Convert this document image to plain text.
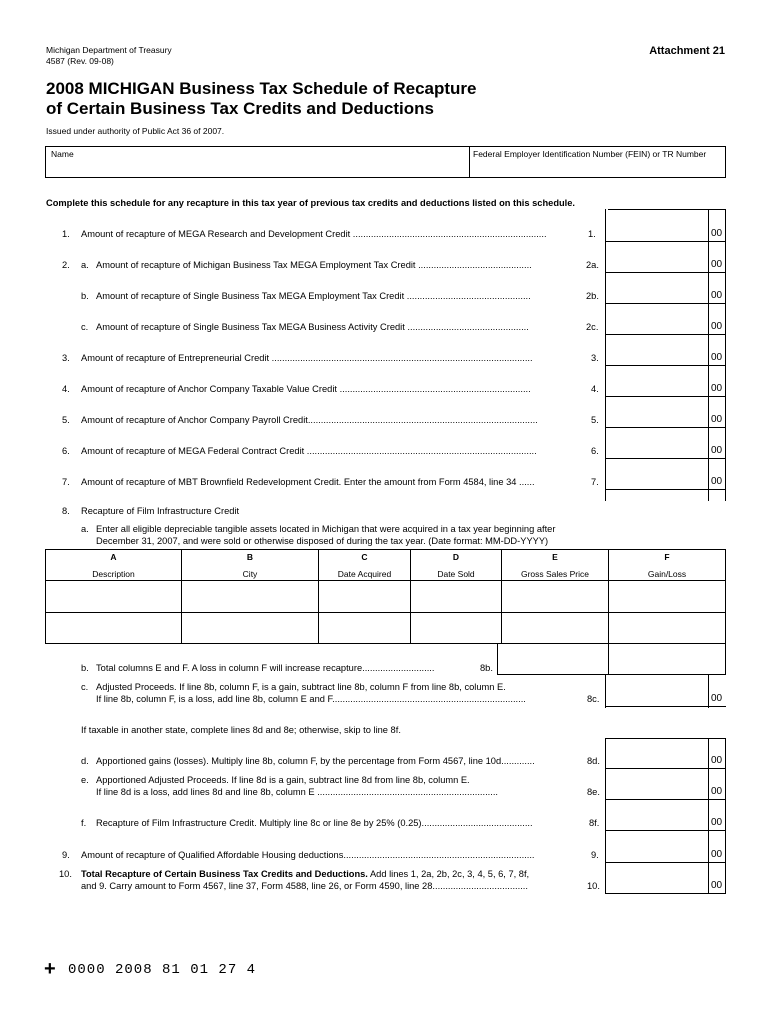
Michigan Department of Treasury
4587 (Rev. 09-08)
Attachment 21
2008 MICHIGAN Business Tax Schedule of Recapture
of Certain Business Tax Credits and Deductions
Issued under authority of Public Act 36 of 2007.
Name	Federal Employer Identification Number (FEIN) or TR Number
Complete this schedule for any recapture in this tax year of previous tax credits and deductions listed on this schedule.
1. Amount of recapture of MEGA Research and Development Credit ...........................................................................	1.	00
2. a. Amount of recapture of Michigan Business Tax MEGA Employment Tax Credit ............................................	2a.	00
b. Amount of recapture of Single Business Tax MEGA Employment Tax Credit ................................................	2b.	00
c. Amount of recapture of Single Business Tax MEGA Business Activity Credit ...............................................	2c.	00
3. Amount of recapture of Entrepreneurial Credit .....................................................................................................	3.	00
4. Amount of recapture of Anchor Company Taxable Value Credit ..........................................................................	4.	00
5. Amount of recapture of Anchor Company Payroll Credit.........................................................................................	5.	00
6. Amount of recapture of MEGA Federal Contract Credit .........................................................................................	6.	00
7. Amount of recapture of MBT Brownfield Redevelopment Credit. Enter the amount from Form 4584, line 34 ......	7.	00
8. Recapture of Film Infrastructure Credit
a. Enter all eligible depreciable tangible assets located in Michigan that were acquired in a tax year beginning after
December 31, 2007, and were sold or otherwise disposed of during the tax year. (Date format: MM-DD-YYYY)
A	B	C	D	E	F
Description	City	Date Acquired	Date Sold	Gross Sales Price	Gain/Loss
b. Total columns E and F. A loss in column F will increase recapture............................	8b.
c. Adjusted Proceeds. If line 8b, column F, is a gain, subtract line 8b, column F from line 8b, column E.
If line 8b, column F, is a loss, add line 8b, column E and F...........................................................................	8c.	00
If taxable in another state, complete lines 8d and 8e; otherwise, skip to line 8f.
d. Apportioned gains (losses). Multiply line 8b, column F, by the percentage from Form 4567, line 10d.............	8d.	00
e. Apportioned Adjusted Proceeds. If line 8d is a gain, subtract line 8d from line 8b, column E.
If line 8d is a loss, add lines 8d and line 8b, column E ......................................................................	8e.	00
f. Recapture of Film Infrastructure Credit. Multiply line 8c or line 8e by 25% (0.25)...........................................	8f.	00
9. Amount of recapture of Qualified Affordable Housing deductions..........................................................................	9.	00
10. Total Recapture of Certain Business Tax Credits and Deductions. Add lines 1, 2a, 2b, 2c, 3, 4, 5, 6, 7, 8f,
and 9. Carry amount to Form 4567, line 37, Form 4588, line 26, or Form 4590, line 28.....................................	10.	00
+ 0000 2008 81 01 27 4
